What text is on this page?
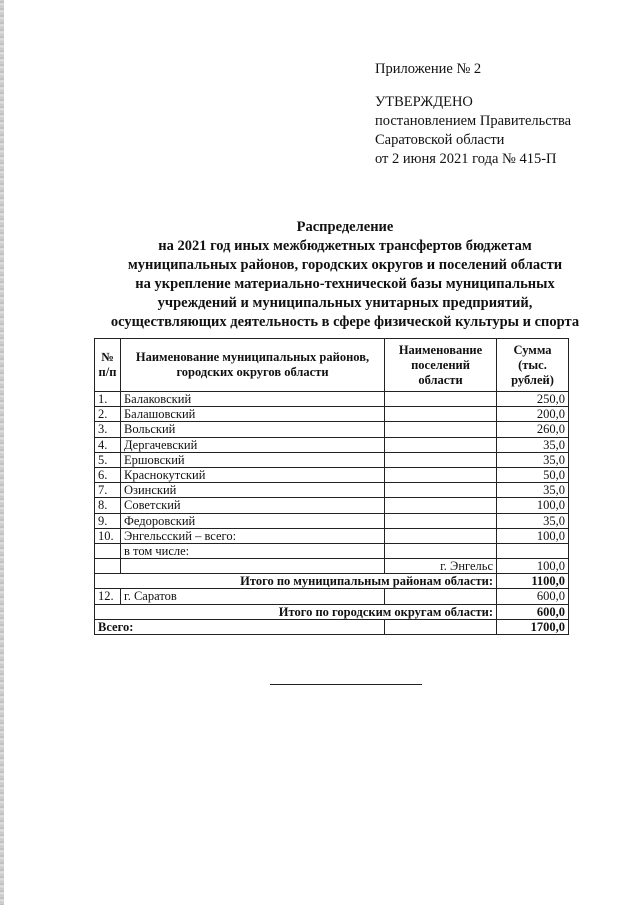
Приложение № 2
УТВЕРЖДЕНО
постановлением Правительства
Саратовской области
от 2 июня 2021 года № 415-П
Распределение
на 2021 год иных межбюджетных трансфертов бюджетам
муниципальных районов, городских округов и поселений области
на укрепление материально-технической базы муниципальных
учреждений и муниципальных унитарных предприятий,
осуществляющих деятельность в сфере физической культуры и спорта
№ п/п	Наименование муниципальных районов, городских округов области	Наименование поселений области	Сумма (тыс. рублей)
1.	Балаковский		250,0
2.	Балашовский		200,0
3.	Вольский		260,0
4.	Дергачевский		35,0
5.	Ершовский		35,0
6.	Краснокутский		50,0
7.	Озинский		35,0
8.	Советский		100,0
9.	Федоровский		35,0
10.	Энгельсский – всего:		100,0
	в том числе:		
		г. Энгельс	100,0
Итого по муниципальным районам области:			1100,0
12.	г. Саратов		600,0
Итого по городским округам области:			600,0
Всего:			1700,0
